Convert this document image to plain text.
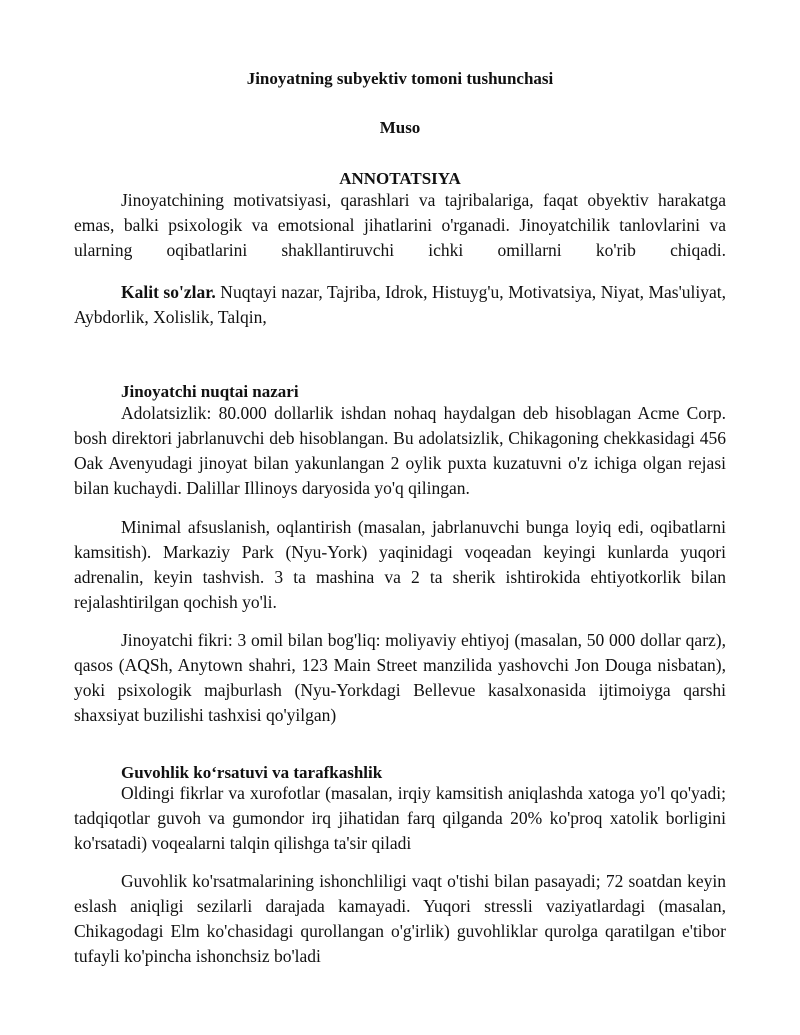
Jinoyatning subyektiv tomoni tushunchasi

Muso

ANNOTATSIYA

Jinoyatchining motivatsiyasi, qarashlari va tajribalariga, faqat obyektiv harakatga emas, balki psixologik va emotsional jihatlarini o'rganadi. Jinoyatchilik tanlovlarini va ularning oqibatlarini shakllantiruvchi ichki omillarni ko'rib chiqadi.

Kalit so'zlar. Nuqtayi nazar, Tajriba, Idrok, Histuyg'u, Motivatsiya, Niyat, Mas'uliyat, Aybdorlik, Xolislik, Talqin,

Jinoyatchi nuqtai nazari

Adolatsizlik: 80.000 dollarlik ishdan nohaq haydalgan deb hisoblagan Acme Corp. bosh direktori jabrlanuvchi deb hisoblangan. Bu adolatsizlik, Chikagoning chekkasidagi 456 Oak Avenyudagi jinoyat bilan yakunlangan 2 oylik puxta kuzatuvni o'z ichiga olgan rejasi bilan kuchaydi. Dalillar Illinoys daryosida yo'q qilingan.

Minimal afsuslanish, oqlantirish (masalan, jabrlanuvchi bunga loyiq edi, oqibatlarni kamsitish). Markaziy Park (Nyu-York) yaqinidagi voqeadan keyingi kunlarda yuqori adrenalin, keyin tashvish. 3 ta mashina va 2 ta sherik ishtirokida ehtiyotkorlik bilan rejalashtirilgan qochish yo'li.

Jinoyatchi fikri: 3 omil bilan bog'liq: moliyaviy ehtiyoj (masalan, 50 000 dollar qarz), qasos (AQSh, Anytown shahri, 123 Main Street manzilida yashovchi Jon Douga nisbatan), yoki psixologik majburlash (Nyu-Yorkdagi Bellevue kasalxonasida ijtimoiyga qarshi shaxsiyat buzilishi tashxisi qo'yilgan)

Guvohlik ko‘rsatuvi va tarafkashlik

Oldingi fikrlar va xurofotlar (masalan, irqiy kamsitish aniqlashda xatoga yo'l qo'yadi; tadqiqotlar guvoh va gumondor irq jihatidan farq qilganda 20% ko'proq xatolik borligini ko'rsatadi) voqealarni talqin qilishga ta'sir qiladi

Guvohlik ko'rsatmalarining ishonchliligi vaqt o'tishi bilan pasayadi; 72 soatdan keyin eslash aniqligi sezilarli darajada kamayadi. Yuqori stressli vaziyatlardagi (masalan, Chikagodagi Elm ko'chasidagi qurollangan o'g'irlik) guvohliklar qurolga qaratilgan e'tibor tufayli ko'pincha ishonchsiz bo'ladi
